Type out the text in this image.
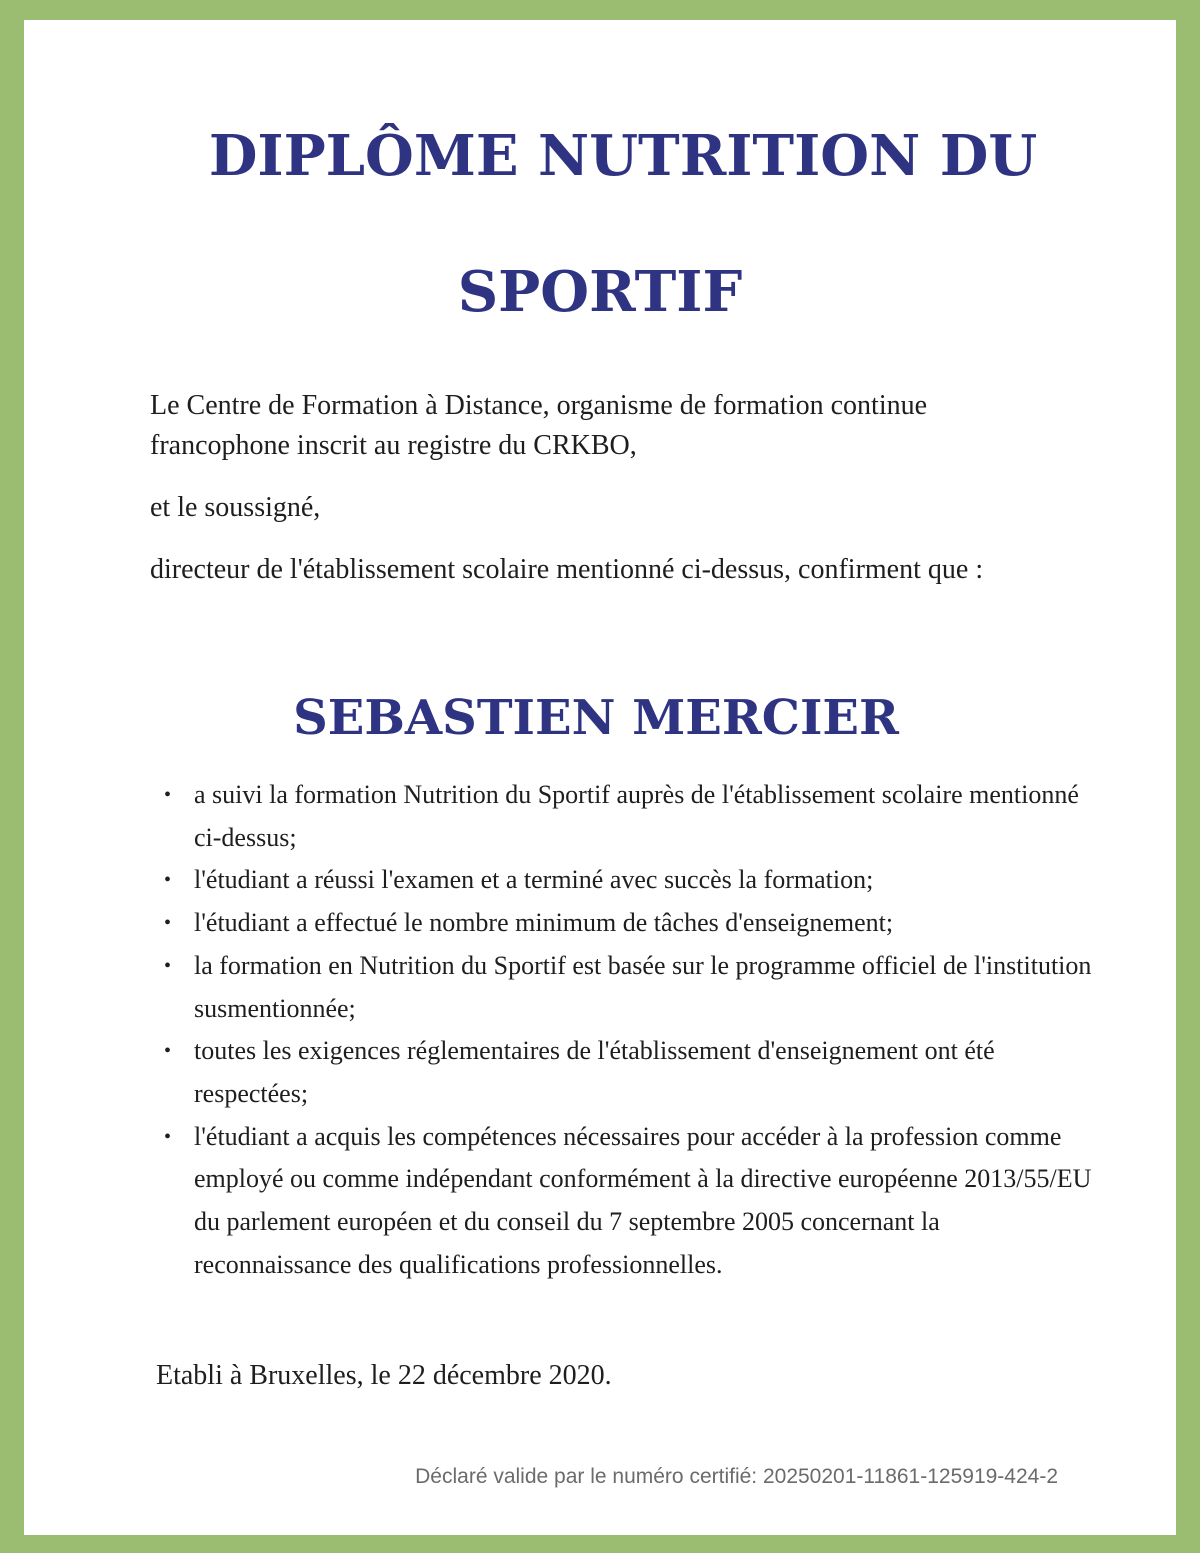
DIPLÔME NUTRITION DU
SPORTIF

Le Centre de Formation à Distance, organisme de formation continue francophone inscrit au registre du CRKBO,

et le soussigné,

directeur de l'établissement scolaire mentionné ci-dessus, confirment que :

SEBASTIEN MERCIER
• a suivi la formation Nutrition du Sportif auprès de l'établissement scolaire mentionné ci-dessus;
• l'étudiant a réussi l'examen et a terminé avec succès la formation;
• l'étudiant a effectué le nombre minimum de tâches d'enseignement;
• la formation en Nutrition du Sportif est basée sur le programme officiel de l'institution susmentionnée;
• toutes les exigences réglementaires de l'établissement d'enseignement ont été respectées;
• l'étudiant a acquis les compétences nécessaires pour accéder à la profession comme employé ou comme indépendant conformément à la directive européenne 2013/55/EU du parlement européen et du conseil du 7 septembre 2005 concernant la reconnaissance des qualifications professionnelles.

Etabli à Bruxelles, le 22 décembre 2020.

Déclaré valide par le numéro certifié: 20250201-11861-125919-424-2
